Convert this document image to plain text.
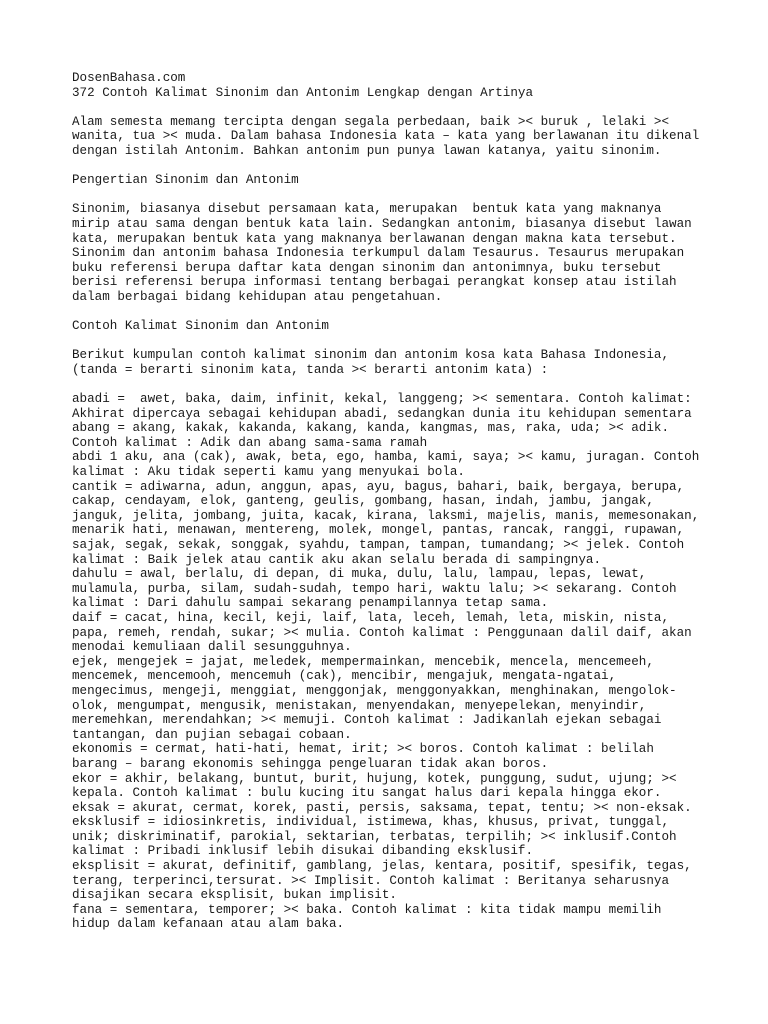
DosenBahasa.com
372 Contoh Kalimat Sinonim dan Antonim Lengkap dengan Artinya
Alam semesta memang tercipta dengan segala perbedaan, baik >< buruk , lelaki ><
wanita, tua >< muda. Dalam bahasa Indonesia kata – kata yang berlawanan itu dikenal
dengan istilah Antonim. Bahkan antonim pun punya lawan katanya, yaitu sinonim.
Pengertian Sinonim dan Antonim
Sinonim, biasanya disebut persamaan kata, merupakan  bentuk kata yang maknanya
mirip atau sama dengan bentuk kata lain. Sedangkan antonim, biasanya disebut lawan
kata, merupakan bentuk kata yang maknanya berlawanan dengan makna kata tersebut.
Sinonim dan antonim bahasa Indonesia terkumpul dalam Tesaurus. Tesaurus merupakan
buku referensi berupa daftar kata dengan sinonim dan antonimnya, buku tersebut
berisi referensi berupa informasi tentang berbagai perangkat konsep atau istilah
dalam berbagai bidang kehidupan atau pengetahuan.
Contoh Kalimat Sinonim dan Antonim
Berikut kumpulan contoh kalimat sinonim dan antonim kosa kata Bahasa Indonesia,
(tanda = berarti sinonim kata, tanda >< berarti antonim kata) :
abadi =  awet, baka, daim, infinit, kekal, langgeng; >< sementara. Contoh kalimat:
Akhirat dipercaya sebagai kehidupan abadi, sedangkan dunia itu kehidupan sementara
abang = akang, kakak, kakanda, kakang, kanda, kangmas, mas, raka, uda; >< adik.
Contoh kalimat : Adik dan abang sama-sama ramah
abdi 1 aku, ana (cak), awak, beta, ego, hamba, kami, saya; >< kamu, juragan. Contoh
kalimat : Aku tidak seperti kamu yang menyukai bola.
cantik = adiwarna, adun, anggun, apas, ayu, bagus, bahari, baik, bergaya, berupa,
cakap, cendayam, elok, ganteng, geulis, gombang, hasan, indah, jambu, jangak,
janguk, jelita, jombang, juita, kacak, kirana, laksmi, majelis, manis, memesonakan,
menarik hati, menawan, mentereng, molek, mongel, pantas, rancak, ranggi, rupawan,
sajak, segak, sekak, songgak, syahdu, tampan, tampan, tumandang; >< jelek. Contoh
kalimat : Baik jelek atau cantik aku akan selalu berada di sampingnya.
dahulu = awal, berlalu, di depan, di muka, dulu, lalu, lampau, lepas, lewat,
mulamula, purba, silam, sudah-sudah, tempo hari, waktu lalu; >< sekarang. Contoh
kalimat : Dari dahulu sampai sekarang penampilannya tetap sama.
daif = cacat, hina, kecil, keji, laif, lata, leceh, lemah, leta, miskin, nista,
papa, remeh, rendah, sukar; >< mulia. Contoh kalimat : Penggunaan dalil daif, akan
menodai kemuliaan dalil sesungguhnya.
ejek, mengejek = jajat, meledek, mempermainkan, mencebik, mencela, mencemeeh,
mencemek, mencemooh, mencemuh (cak), mencibir, mengajuk, mengata-ngatai,
mengecimus, mengeji, menggiat, menggonjak, menggonyakkan, menghinakan, mengolok-
olok, mengumpat, mengusik, menistakan, menyendakan, menyepelekan, menyindir,
meremehkan, merendahkan; >< memuji. Contoh kalimat : Jadikanlah ejekan sebagai
tantangan, dan pujian sebagai cobaan.
ekonomis = cermat, hati-hati, hemat, irit; >< boros. Contoh kalimat : belilah
barang – barang ekonomis sehingga pengeluaran tidak akan boros.
ekor = akhir, belakang, buntut, burit, hujung, kotek, punggung, sudut, ujung; ><
kepala. Contoh kalimat : bulu kucing itu sangat halus dari kepala hingga ekor.
eksak = akurat, cermat, korek, pasti, persis, saksama, tepat, tentu; >< non-eksak.
eksklusif = idiosinkretis, individual, istimewa, khas, khusus, privat, tunggal,
unik; diskriminatif, parokial, sektarian, terbatas, terpilih; >< inklusif.Contoh
kalimat : Pribadi inklusif lebih disukai dibanding eksklusif.
eksplisit = akurat, definitif, gamblang, jelas, kentara, positif, spesifik, tegas,
terang, terperinci,tersurat. >< Implisit. Contoh kalimat : Beritanya seharusnya
disajikan secara eksplisit, bukan implisit.
fana = sementara, temporer; >< baka. Contoh kalimat : kita tidak mampu memilih
hidup dalam kefanaan atau alam baka.
